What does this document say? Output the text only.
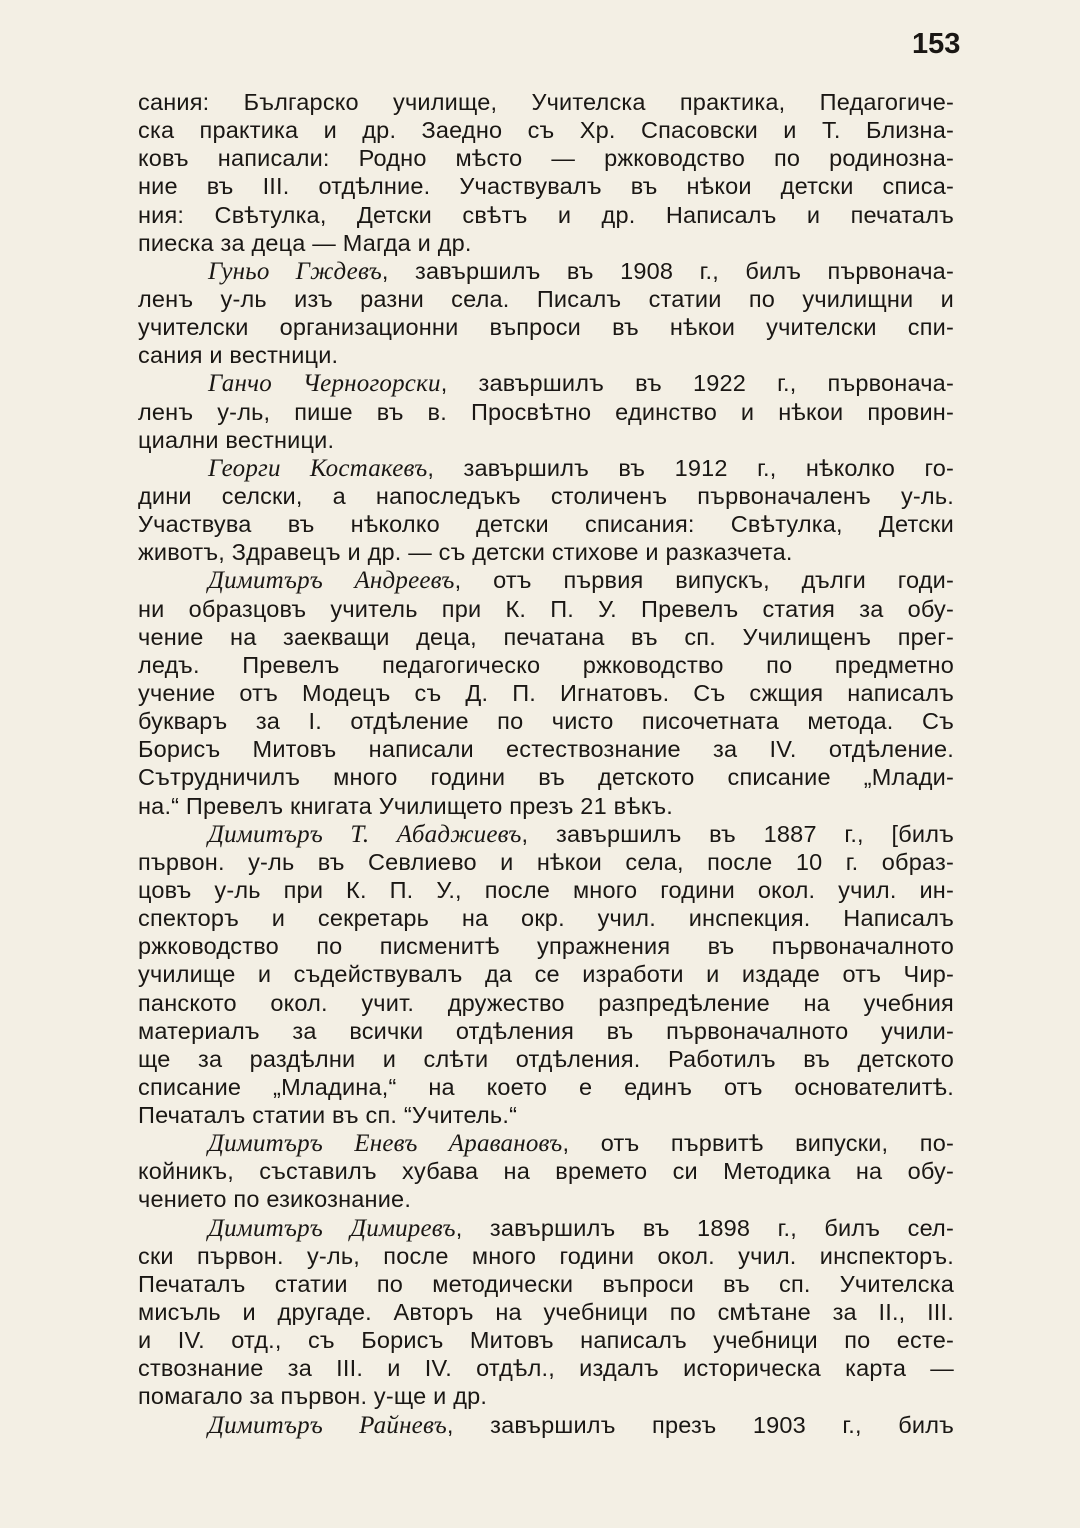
153
сания: Българско училище, Учителска практика, Педагогиче-
ска практика и др. Заедно съ Хр. Спасовски и Т. Близна-
ковъ написали: Родно мѣсто — ржководство по родинозна-
ние въ III. отдѣлние. Участвувалъ въ нѣкои детски списа-
ния: Свѣтулка, Детски свѣтъ и др. Написалъ и печаталъ
пиеска за деца — Магда и др.
Гуньо Гждевъ, завършилъ въ 1908 г., билъ първонача-
ленъ у-ль изъ разни села. Писалъ статии по училищни и
учителски организационни въпроси въ нѣкои учителски спи-
сания и вестници.
Ганчо Черногорски, завършилъ въ 1922 г., първоначa-
ленъ у-ль, пише въ в. Просвѣтно единство и нѣкои провин-
циални вестници.
Георги Костакевъ, завършилъ въ 1912 г., нѣколко го-
дини селски, а напоследъкъ столиченъ първоначаленъ у-ль.
Участвува въ нѣколко детски списания: Свѣтулка, Детски
животъ, Здравецъ и др. — съ детски стихове и разказчета.
Димитъръ Андреевъ, отъ първия випускъ, дълги годи-
ни образцовъ учитель при К. П. У. Превелъ статия за обу-
чение на заекващи деца, печатана въ сп. Училищенъ прег-
ледъ. Превелъ педагогическо ржководство по предметно
учение отъ Модецъ съ Д. П. Игнатовъ. Съ сжщия написалъ
букваръ за I. отдѣление по чисто писочетната метода. Съ
Борисъ Митовъ написали естествознание за IV. отдѣление.
Сътрудничилъ много години въ детското списание „Млади-
на.“ Превелъ книгата Училището презъ 21 вѣкъ.
Димитъръ Т. Абаджиевъ, завършилъ въ 1887 г., [билъ
първон. у-ль въ Севлиево и нѣкои села, после 10 г. образ-
цовъ у-ль при К. П. У., после много години окол. учил. ин-
спекторъ и секретарь на окр. учил. инспекция. Написалъ
ржководство по писменитѣ упражнения въ първоначалното
училище и съдействувалъ да се изработи и издаде отъ Чир-
панското окол. учит. дружество разпредѣление на учебния
материалъ за всички отдѣления въ първоначалното учили-
ще за раздѣлни и слѣти отдѣления. Работилъ въ детското
списание „Младина,“ на което е единъ отъ основателитѣ.
Печаталъ статии въ сп. “Учитель.“
Димитъръ Еневъ Аравановъ, отъ първитѣ випуски, по-
койникъ, съставилъ хубава на времето си Методика на обу-
чението по езикознание.
Димитъръ Димиревъ, завършилъ въ 1898 г., билъ сел-
ски първон. у-ль, после много години окол. учил. инспекторъ.
Печаталъ статии по методически въпроси въ сп. Учителска
мисъль и другаде. Авторъ на учебници по смѣтане за II., III.
и IV. отд., съ Борисъ Митовъ написалъ учебници по есте-
ствознание за III. и IV. отдѣл., издалъ историческа карта —
помагало за първон. у-ще и др.
Димитъръ Райневъ, завършилъ презъ 1903 г., билъ
